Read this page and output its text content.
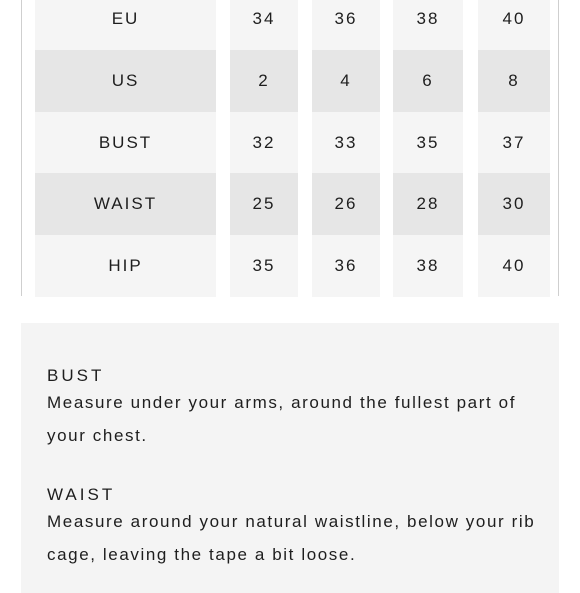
EU	34	36	38	40
US	2	4	6	8
BUST	32	33	35	37
WAIST	25	26	28	30
HIP	35	36	38	40
BUST
Measure under your arms, around the fullest part of your chest.
WAIST
Measure around your natural waistline, below your rib cage, leaving the tape a bit loose.
